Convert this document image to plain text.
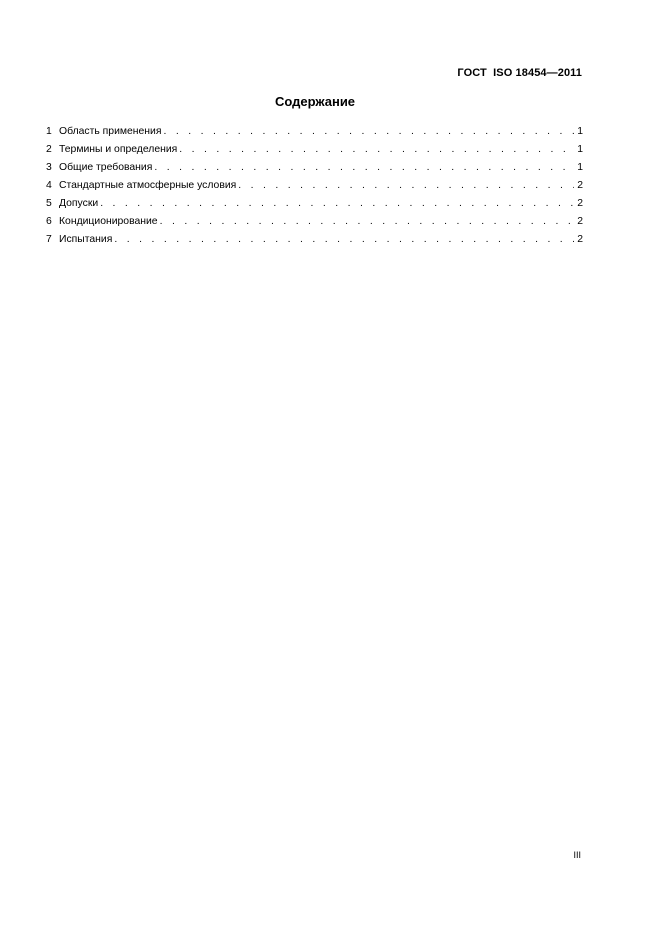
ГОСТ  ISO 18454—2011
Содержание
1 Область применения . . .	1
2 Термины и определения . . .	1
3 Общие требования . . .	1
4 Стандартные атмосферные условия . . .	2
5 Допуски . . .	2
6 Кондиционирование . . .	2
7 Испытания . . .	2
III
